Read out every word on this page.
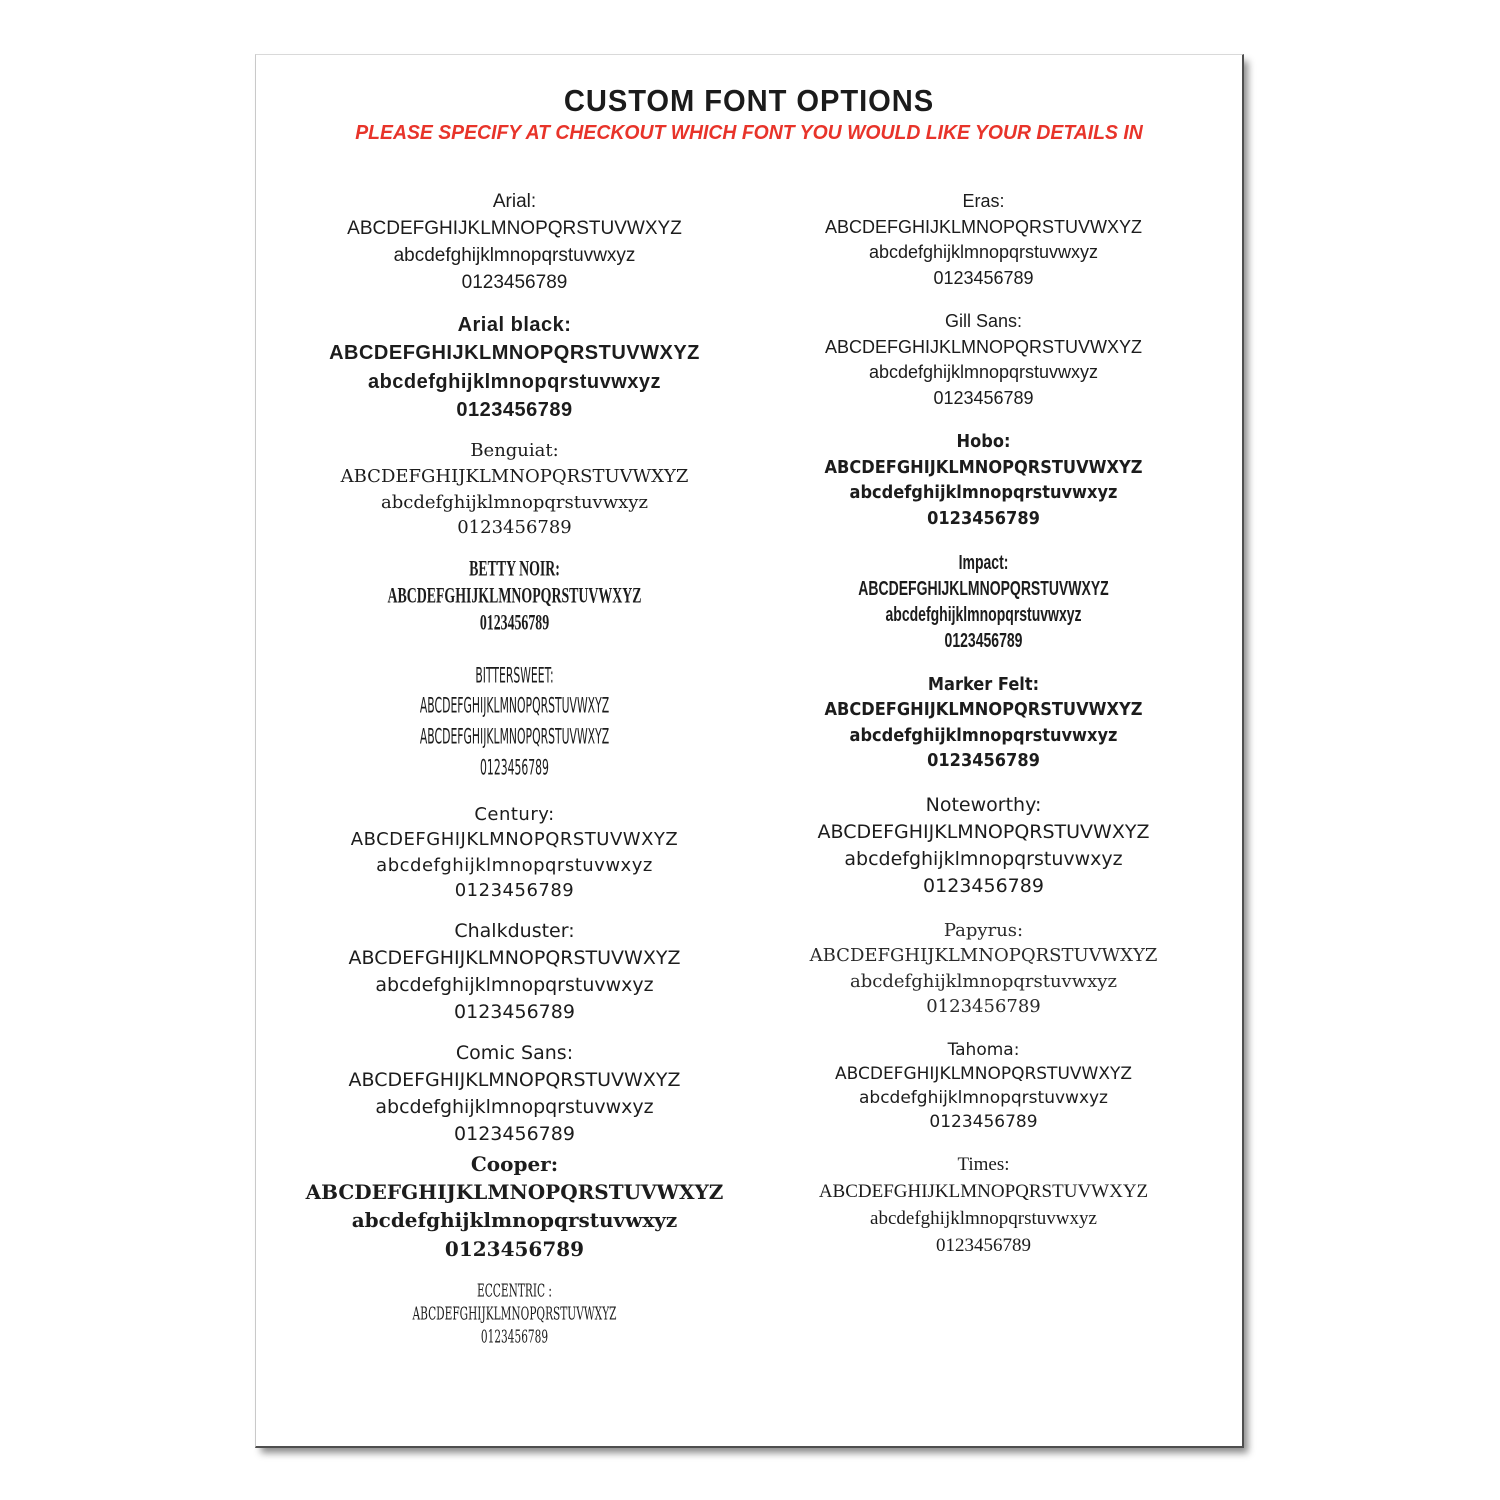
CUSTOM FONT OPTIONS
PLEASE SPECIFY AT CHECKOUT WHICH FONT YOU WOULD LIKE YOUR DETAILS IN
Arial:
ABCDEFGHIJKLMNOPQRSTUVWXYZ
abcdefghijklmnopqrstuvwxyz
0123456789
Arial black:
ABCDEFGHIJKLMNOPQRSTUVWXYZ
abcdefghijklmnopqrstuvwxyz
0123456789
Benguiat:
ABCDEFGHIJKLMNOPQRSTUVWXYZ
abcdefghijklmnopqrstuvwxyz
0123456789
BETTY NOIR:
ABCDEFGHIJKLMNOPQRSTUVWXYZ
0123456789
BITTERSWEET:
ABCDEFGHIJKLMNOPQRSTUVWXYZ
ABCDEFGHIJKLMNOPQRSTUVWXYZ
0123456789
Century:
ABCDEFGHIJKLMNOPQRSTUVWXYZ
abcdefghijklmnopqrstuvwxyz
0123456789
Chalkduster:
ABCDEFGHIJKLMNOPQRSTUVWXYZ
abcdefghijklmnopqrstuvwxyz
0123456789
Comic Sans:
ABCDEFGHIJKLMNOPQRSTUVWXYZ
abcdefghijklmnopqrstuvwxyz
0123456789
Cooper:
ABCDEFGHIJKLMNOPQRSTUVWXYZ
abcdefghijklmnopqrstuvwxyz
0123456789
ECCENTRIC :
ABCDEFGHIJKLMNOPQRSTUVWXYZ
0123456789
Eras:
ABCDEFGHIJKLMNOPQRSTUVWXYZ
abcdefghijklmnopqrstuvwxyz
0123456789
Gill Sans:
ABCDEFGHIJKLMNOPQRSTUVWXYZ
abcdefghijklmnopqrstuvwxyz
0123456789
Hobo:
ABCDEFGHIJKLMNOPQRSTUVWXYZ
abcdefghijklmnopqrstuvwxyz
0123456789
Impact:
ABCDEFGHIJKLMNOPQRSTUVWXYZ
abcdefghijklmnopqrstuvwxyz
0123456789
Marker Felt:
ABCDEFGHIJKLMNOPQRSTUVWXYZ
abcdefghijklmnopqrstuvwxyz
0123456789
Noteworthy:
ABCDEFGHIJKLMNOPQRSTUVWXYZ
abcdefghijklmnopqrstuvwxyz
0123456789
Papyrus:
ABCDEFGHIJKLMNOPQRSTUVWXYZ
abcdefghijklmnopqrstuvwxyz
0123456789
Tahoma:
ABCDEFGHIJKLMNOPQRSTUVWXYZ
abcdefghijklmnopqrstuvwxyz
0123456789
Times:
ABCDEFGHIJKLMNOPQRSTUVWXYZ
abcdefghijklmnopqrstuvwxyz
0123456789
